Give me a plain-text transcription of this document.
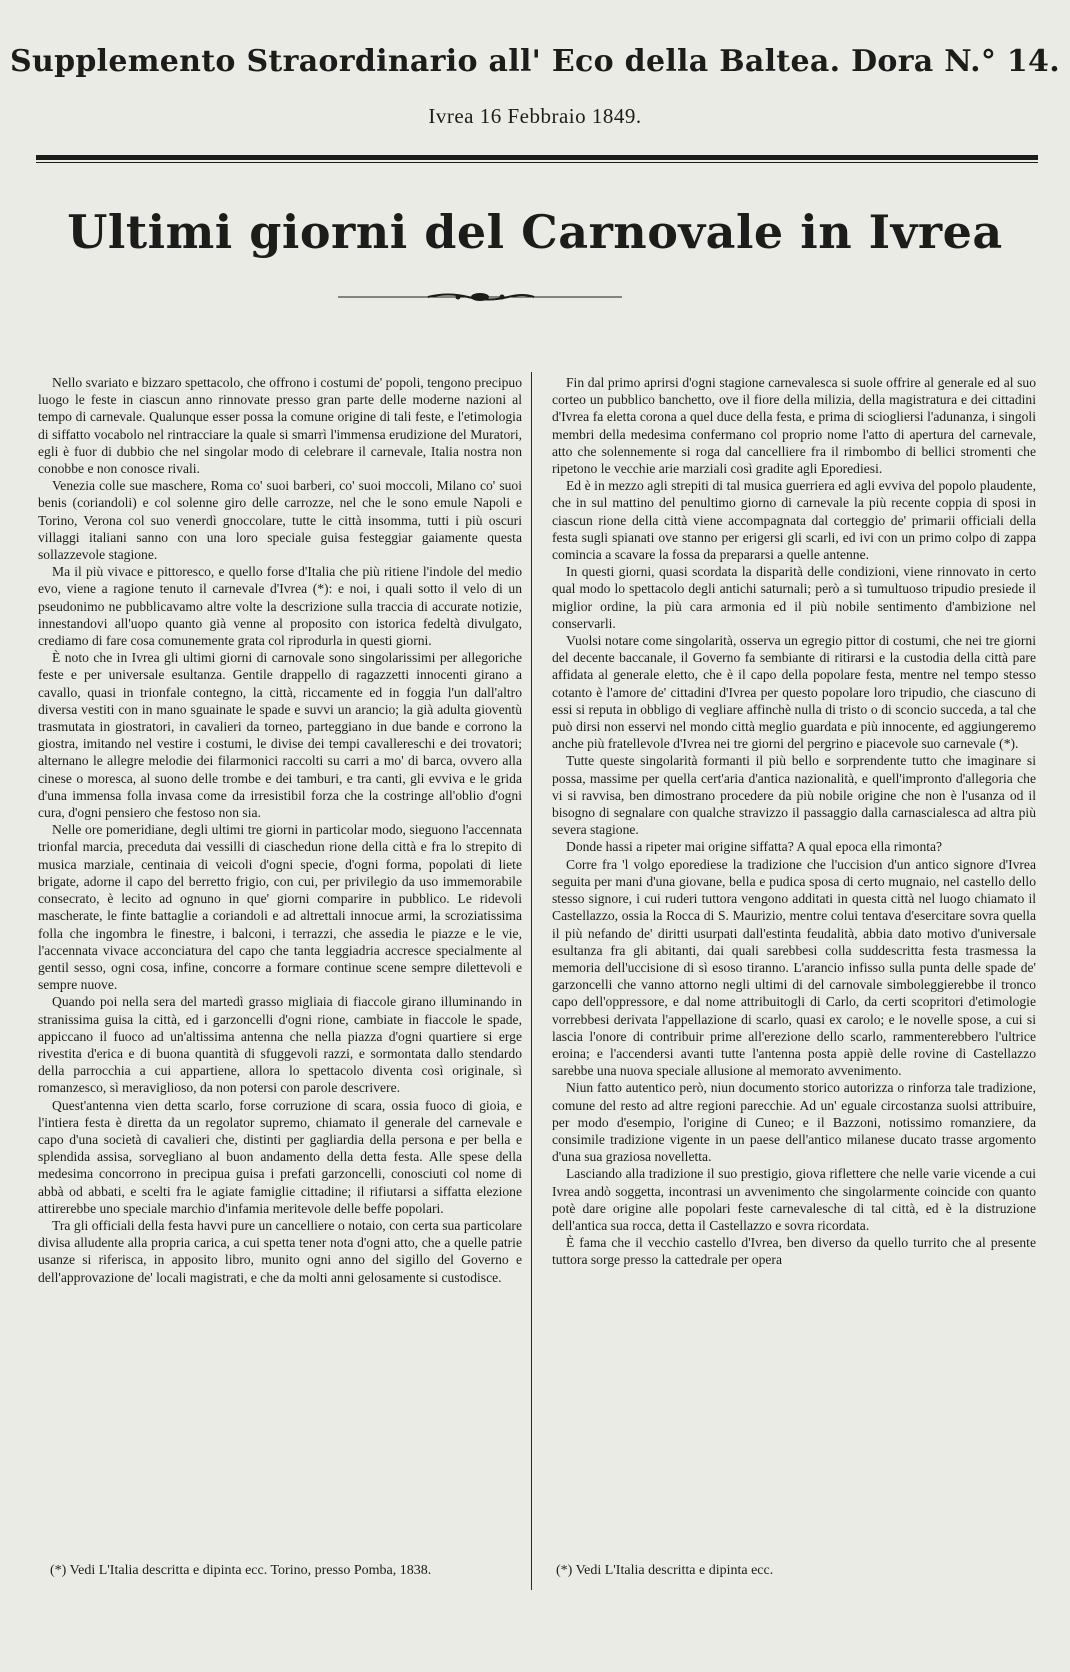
Supplemento Straordinario all' Eco della Baltea. Dora N.° 14.
Ivrea 16 Febbraio 1849.
Ultimi giorni del Carnovale in Ivrea

Nello svariato e bizzaro spettacolo, che offrono i costumi de' popoli, tengono precipuo luogo le feste in ciascun anno rinnovate presso gran parte delle moderne nazioni al tempo di carnevale. Qualunque esser possa la comune origine di tali feste, e l'etimologia di siffatto vocabolo nel rintracciare la quale si smarrì l'immensa erudizione del Muratori, egli è fuor di dubbio che nel singolar modo di celebrare il carnevale, Italia nostra non conobbe e non conosce rivali.

Venezia colle sue maschere, Roma co' suoi barberi, co' suoi moccoli, Milano co' suoi benis (coriandoli) e col solenne giro delle carrozze, nel che le sono emule Napoli e Torino, Verona col suo venerdì gnoccolare, tutte le città insomma, tutti i più oscuri villaggi italiani sanno con una loro speciale guisa festeggiar gaiamente questa sollazzevole stagione.

Ma il più vivace e pittoresco, e quello forse d'Italia che più ritiene l'indole del medio evo, viene a ragione tenuto il carnevale d'Ivrea (*): e noi, i quali sotto il velo di un pseudonimo ne pubblicavamo altre volte la descrizione sulla traccia di accurate notizie, innestandovi all'uopo quanto già venne al proposito con istorica fedeltà divulgato, crediamo di fare cosa comunemente grata col riprodurla in questi giorni.

È noto che in Ivrea gli ultimi giorni di carnovale sono singolarissimi per allegoriche feste e per universale esultanza. Gentile drappello di ragazzetti innocenti girano a cavallo, quasi in trionfale contegno, la città, riccamente ed in foggia l'un dall'altro diversa vestiti con in mano sguainate le spade e suvvi un arancio; la già adulta gioventù trasmutata in giostratori, in cavalieri da torneo, parteggiano in due bande e corrono la giostra, imitando nel vestire i costumi, le divise dei tempi cavallereschi e dei trovatori; alternano le allegre melodie dei filarmonici raccolti su carri a mo' di barca, ovvero alla cinese o moresca, al suono delle trombe e dei tamburi, e tra canti, gli evviva e le grida d'una immensa folla invasa come da irresistibil forza che la costringe all'oblio d'ogni cura, d'ogni pensiero che festoso non sia.

Nelle ore pomeridiane, degli ultimi tre giorni in particolar modo, sieguono l'accennata trionfal marcia, preceduta dai vessilli di ciaschedun rione della città e fra lo strepito di musica marziale, centinaia di veicoli d'ogni specie, d'ogni forma, popolati di liete brigate, adorne il capo del berretto frigio, con cui, per privilegio da uso immemorabile consecrato, è lecito ad ognuno in que' giorni comparire in pubblico. Le ridevoli mascherate, le finte battaglie a coriandoli e ad altrettali innocue armi, la scroziatissima folla che ingombra le finestre, i balconi, i terrazzi, che assedia le piazze e le vie, l'accennata vivace acconciatura del capo che tanta leggiadria accresce specialmente al gentil sesso, ogni cosa, infine, concorre a formare continue scene sempre dilettevoli e sempre nuove.

Quando poi nella sera del martedì grasso migliaia di fiaccole girano illuminando in stranissima guisa la città, ed i garzoncelli d'ogni rione, cambiate in fiaccole le spade, appiccano il fuoco ad un'altissima antenna che nella piazza d'ogni quartiere si erge rivestita d'erica e di buona quantità di sfuggevoli razzi, e sormontata dallo stendardo della parrocchia a cui appartiene, allora lo spettacolo diventa così originale, sì romanzesco, sì meraviglioso, da non potersi con parole descrivere.

Quest'antenna vien detta scarlo, forse corruzione di scara, ossia fuoco di gioia, e l'intiera festa è diretta da un regolator supremo, chiamato il generale del carnevale e capo d'una società di cavalieri che, distinti per gagliardia della persona e per bella e splendida assisa, sorvegliano al buon andamento della detta festa. Alle spese della medesima concorrono in precipua guisa i prefati garzoncelli, conosciuti col nome di abbà od abbati, e scelti fra le agiate famiglie cittadine; il rifiutarsi a siffatta elezione attirerebbe uno speciale marchio d'infamia meritevole delle beffe popolari.

Tra gli officiali della festa havvi pure un cancelliere o notaio, con certa sua particolare divisa alludente alla propria carica, a cui spetta tener nota d'ogni atto, che a quelle patrie usanze si riferisca, in apposito libro, munito ogni anno del sigillo del Governo e dell'approvazione de' locali magistrati, e che da molti anni gelosamente si custodisce.

Fin dal primo aprirsi d'ogni stagione carnevalesca si suole offrire al generale ed al suo corteo un pubblico banchetto, ove il fiore della milizia, della magistratura e dei cittadini d'Ivrea fa eletta corona a quel duce della festa, e prima di sciogliersi l'adunanza, i singoli membri della medesima confermano col proprio nome l'atto di apertura del carnevale, atto che solennemente si roga dal cancelliere fra il rimbombo di bellici stromenti che ripetono le vecchie arie marziali così gradite agli Eporediesi.

Ed è in mezzo agli strepiti di tal musica guerriera ed agli evviva del popolo plaudente, che in sul mattino del penultimo giorno di carnevale la più recente coppia di sposi in ciascun rione della città viene accompagnata dal corteggio de' primarii officiali della festa sugli spianati ove stanno per erigersi gli scarli, ed ivi con un primo colpo di zappa comincia a scavare la fossa da prepararsi a quelle antenne.

In questi giorni, quasi scordata la disparità delle condizioni, viene rinnovato in certo qual modo lo spettacolo degli antichi saturnali; però a sì tumultuoso tripudio presiede il miglior ordine, la più cara armonia ed il più nobile sentimento d'ambizione nel conservarli.

Vuolsi notare come singolarità, osserva un egregio pittor di costumi, che nei tre giorni del decente baccanale, il Governo fa sembiante di ritirarsi e la custodia della città pare affidata al generale eletto, che è il capo della popolare festa, mentre nel tempo stesso cotanto è l'amore de' cittadini d'Ivrea per questo popolare loro tripudio, che ciascuno di essi si reputa in obbligo di vegliare affinchè nulla di tristo o di sconcio succeda, a tal che può dirsi non esservi nel mondo città meglio guardata e più innocente, ed aggiungeremo anche più fratellevole d'Ivrea nei tre giorni del pergrino e piacevole suo carnevale (*).

Tutte queste singolarità formanti il più bello e sorprendente tutto che imaginare si possa, massime per quella cert'aria d'antica nazionalità, e quell'impronto d'allegoria che vi si ravvisa, ben dimostrano procedere da più nobile origine che non è l'usanza od il bisogno di segnalare con qualche stravizzo il passaggio dalla carnascialesca ad altra più severa stagione.

Donde hassi a ripeter mai origine siffatta? A qual epoca ella rimonta?

Corre fra 'l volgo eporediese la tradizione che l'uccision d'un antico signore d'Ivrea seguita per mani d'una giovane, bella e pudica sposa di certo mugnaio, nel castello dello stesso signore, i cui ruderi tuttora vengono additati in questa città nel luogo chiamato il Castellazzo, ossia la Rocca di S. Maurizio, mentre colui tentava d'esercitare sovra quella il più nefando de' diritti usurpati dall'estinta feudalità, abbia dato motivo d'universale esultanza fra gli abitanti, dai quali sarebbesi colla suddescritta festa trasmessa la memoria dell'uccisione di sì esoso tiranno. L'arancio infisso sulla punta delle spade de' garzoncelli che vanno attorno negli ultimi di del carnovale simboleggierebbe il tronco capo dell'oppressore, e dal nome attribuitogli di Carlo, da certi scopritori d'etimologie vorrebbesi derivata l'appellazione di scarlo, quasi ex carolo; e le novelle spose, a cui si lascia l'onore di contribuir prime all'erezione dello scarlo, rammenterebbero l'ultrice eroina; e l'accendersi avanti tutte l'antenna posta appiè delle rovine di Castellazzo sarebbe una nuova speciale allusione al memorato avvenimento.

Niun fatto autentico però, niun documento storico autorizza o rinforza tale tradizione, comune del resto ad altre regioni parecchie. Ad un' eguale circostanza suolsi attribuire, per modo d'esempio, l'origine di Cuneo; e il Bazzoni, notissimo romanziere, da consimile tradizione vigente in un paese dell'antico milanese ducato trasse argomento d'una sua graziosa novelletta.

Lasciando alla tradizione il suo prestigio, giova riflettere che nelle varie vicende a cui Ivrea andò soggetta, incontrasi un avvenimento che singolarmente coincide con quanto potè dare origine alle popolari feste carnevalesche di tal città, ed è la distruzione dell'antica sua rocca, detta il Castellazzo e sovra ricordata.

È fama che il vecchio castello d'Ivrea, ben diverso da quello turrito che al presente tuttora sorge presso la cattedrale per opera

(*) Vedi L'Italia descritta e dipinta ecc. Torino, presso Pomba, 1838.	(*) Vedi L'Italia descritta e dipinta ecc.
